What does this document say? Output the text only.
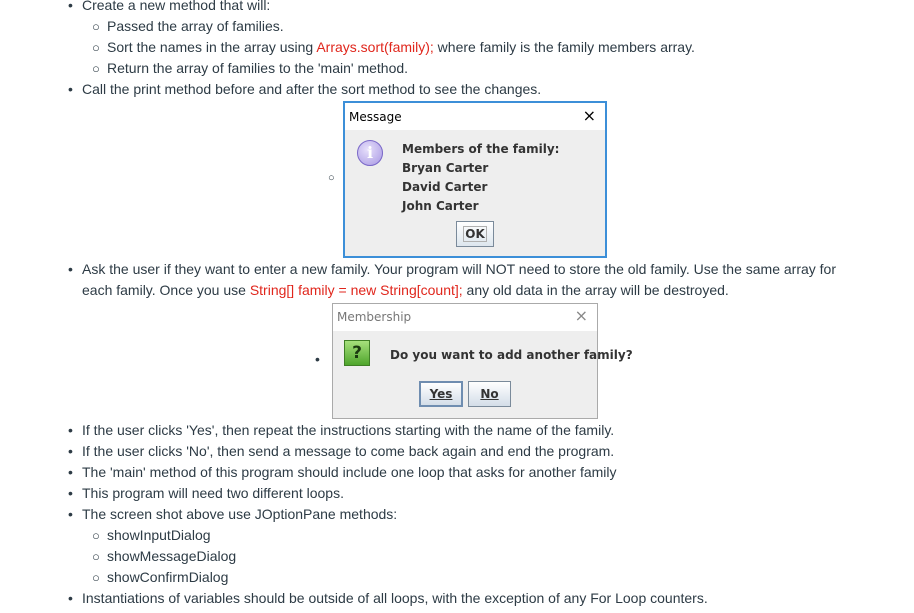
• Create a new method that will:
○ Passed the array of families.
○ Sort the names in the array using Arrays.sort(family); where family is the family members array.
○ Return the array of families to the 'main' method.
• Call the print method before and after the sort method to see the changes.
○
Message	×
i	Members of the family:
Bryan Carter
David Carter
John Carter
OK
• Ask the user if they want to enter a new family. Your program will NOT need to store the old family. Use the same array for
each family. Once you use String[] family = new String[count]; any old data in the array will be destroyed.
•
Membership	×
?	Do you want to add another family?
Yes	No
• If the user clicks 'Yes', then repeat the instructions starting with the name of the family.
• If the user clicks 'No', then send a message to come back again and end the program.
• The 'main' method of this program should include one loop that asks for another family
• This program will need two different loops.
• The screen shot above use JOptionPane methods:
○ showInputDialog
○ showMessageDialog
○ showConfirmDialog
• Instantiations of variables should be outside of all loops, with the exception of any For Loop counters.
